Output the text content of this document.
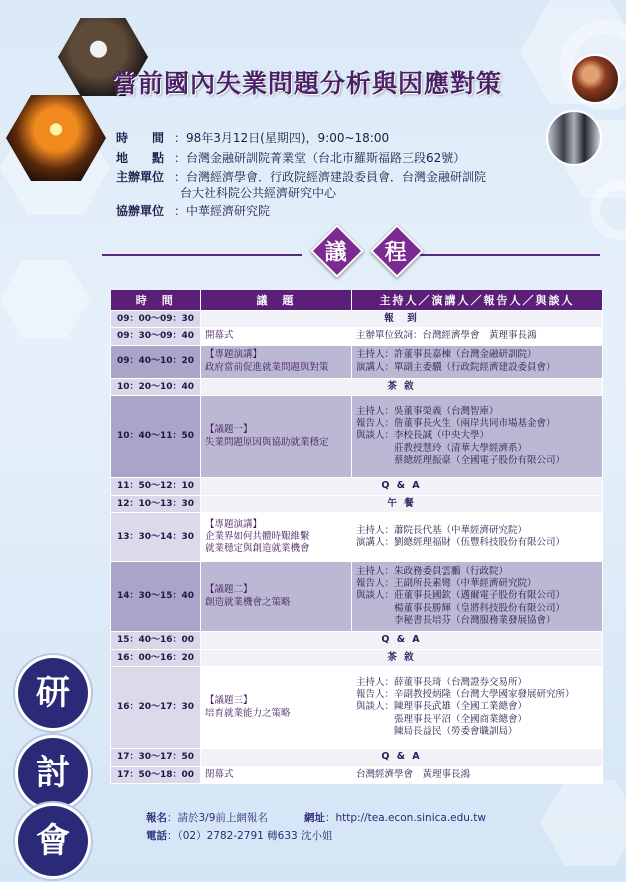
當前國內失業問題分析與因應對策
時　　間 ：98年3月12日(星期四)，9:00~18:00
地　　點 ：台灣金融研訓院菁業堂（台北市羅斯福路三段62號）
主辦單位 ：台灣經濟學會．行政院經濟建設委員會．台灣金融研訓院
台大社科院公共經濟研究中心
協辦單位 ：中華經濟研究院
議 程
時　間	議　題	主持人／演講人／報告人／與談人
09：00～09：30	報　到	
09：30～09：40	開幕式	主辦單位致詞：台灣經濟學會　黃理事長鴻
09：40～10：20	【專題演講】
政府當前促進就業問題與對策	主持人：許董事長嘉棟（台灣金融研訓院）
演講人：單副主委驥（行政院經濟建設委員會）
10：20～10：40	茶 敘	
10：40～11：50	【議題一】
失業問題原因與協助就業穩定	主持人：吳董事榮義（台灣智庫）
報告人：詹董事長火生（兩岸共同市場基金會）
與談人：李校長誠（中央大學）
　　　　莊教授慧玲（清華大學經濟系）
　　　　蔡總經理振豪（全國電子股份有限公司）
11：50～12：10	Q & A	
12：10～13：30	午 餐	
13：30～14：30	【專題演講】
企業界如何共體時艱維繫
就業穩定與創造就業機會	主持人：蕭院長代基（中華經濟研究院）
演講人：劉總經理福財（伍豐科技股份有限公司）
14：30～15：40	【議題二】
創造就業機會之策略	主持人：朱政務委員雲鵬（行政院）
報告人：王副所長素彎（中華經濟研究院）
與談人：莊董事長國欽（邁爾電子股份有限公司）
　　　　楊董事長勝輝（皇將科技股份有限公司）
　　　　李秘書長培芬（台灣服務業發展協會）
15：40～16：00	Q & A	
16：00～16：20	茶 敘	
16：20～17：30	【議題三】
培育就業能力之策略	主持人：薛董事長琦（台灣證券交易所）
報告人：辛副教授炳隆（台灣大學國家發展研究所）
與談人：陳理事長武雄（全國工業總會）
　　　　張理事長平沼（全國商業總會）
　　　　陳局長益民（勞委會職訓局）
17：30～17：50	Q & A	
17：50～18：00	閉幕式	台灣經濟學會　黃理事長鴻
研
討
會
報名：請於3/9前上網報名	網址：http://tea.econ.sinica.edu.tw
電話：（02）2782-2791 轉633 沈小姐
